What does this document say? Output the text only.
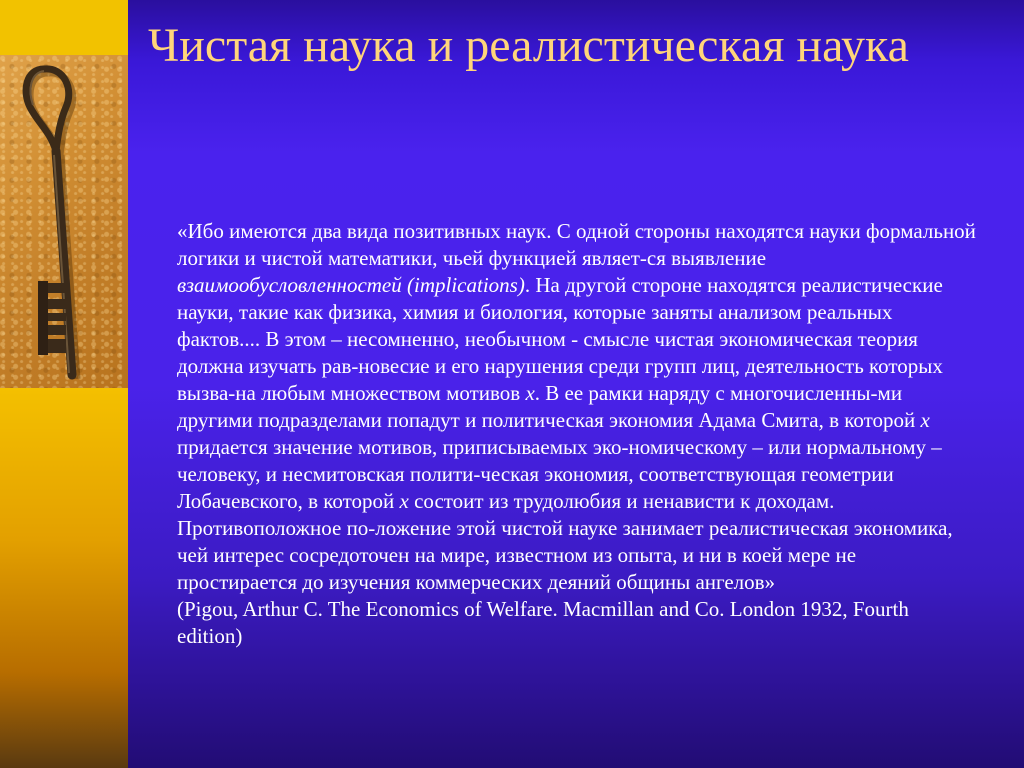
Чистая наука и реалистическая наука

«Ибо имеются два вида позитивных наук. С одной стороны находятся науки формальной логики и чистой математики, чьей функцией являет-ся выявление взаимообусловленностей (implications). На другой стороне находятся реалистические науки, такие как физика, химия и биология, которые заняты анализом реальных фактов.... В этом – несомненно, необычном - смысле чистая экономическая теория должна изучать рав-новесие и его нарушения среди групп лиц, деятельность которых вызва-на любым множеством мотивов x. В ее рамки наряду с многочисленны-ми другими подразделами попадут и политическая экономия Адама Смита, в которой x придается значение мотивов, приписываемых эко-номическому – или нормальному – человеку, и несмитовская полити-ческая экономия, соответствующая геометрии Лобачевского, в которой x состоит из трудолюбия и ненависти к доходам. Противоположное по-ложение этой чистой науке занимает реалистическая экономика, чей интерес сосредоточен на мире, известном из опыта, и ни в коей мере не простирается до изучения коммерческих деяний общины ангелов»
(Pigou, Arthur C. The Economics of Welfare. Macmillan and Co. London 1932, Fourth edition)
